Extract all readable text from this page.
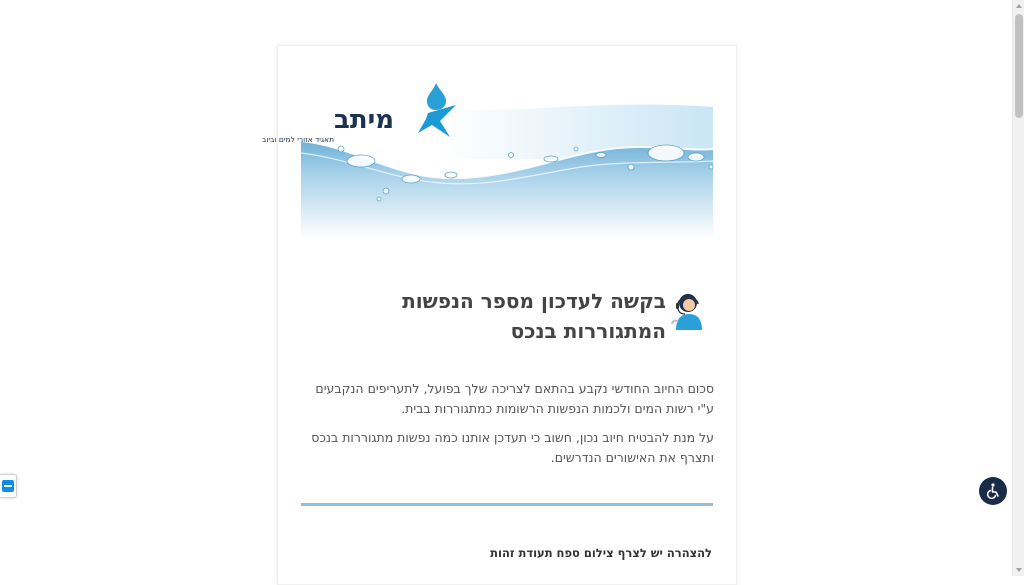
מיתב
תאגיד אזורי למים וביוב
בקשה לעדכון מספר הנפשות המתגוררות בנכס

סכום החיוב החודשי נקבע בהתאם לצריכה שלך בפועל, לתעריפים הנקבעים ע"י רשות המים ולכמות הנפשות הרשומות כמתגוררות בבית.

על מנת להבטיח חיוב נכון, חשוב כי תעדכן אותנו כמה נפשות מתגוררות בנכס ותצרף את האישורים הנדרשים.

להצהרה יש לצרף צילום ספח תעודת זהות
